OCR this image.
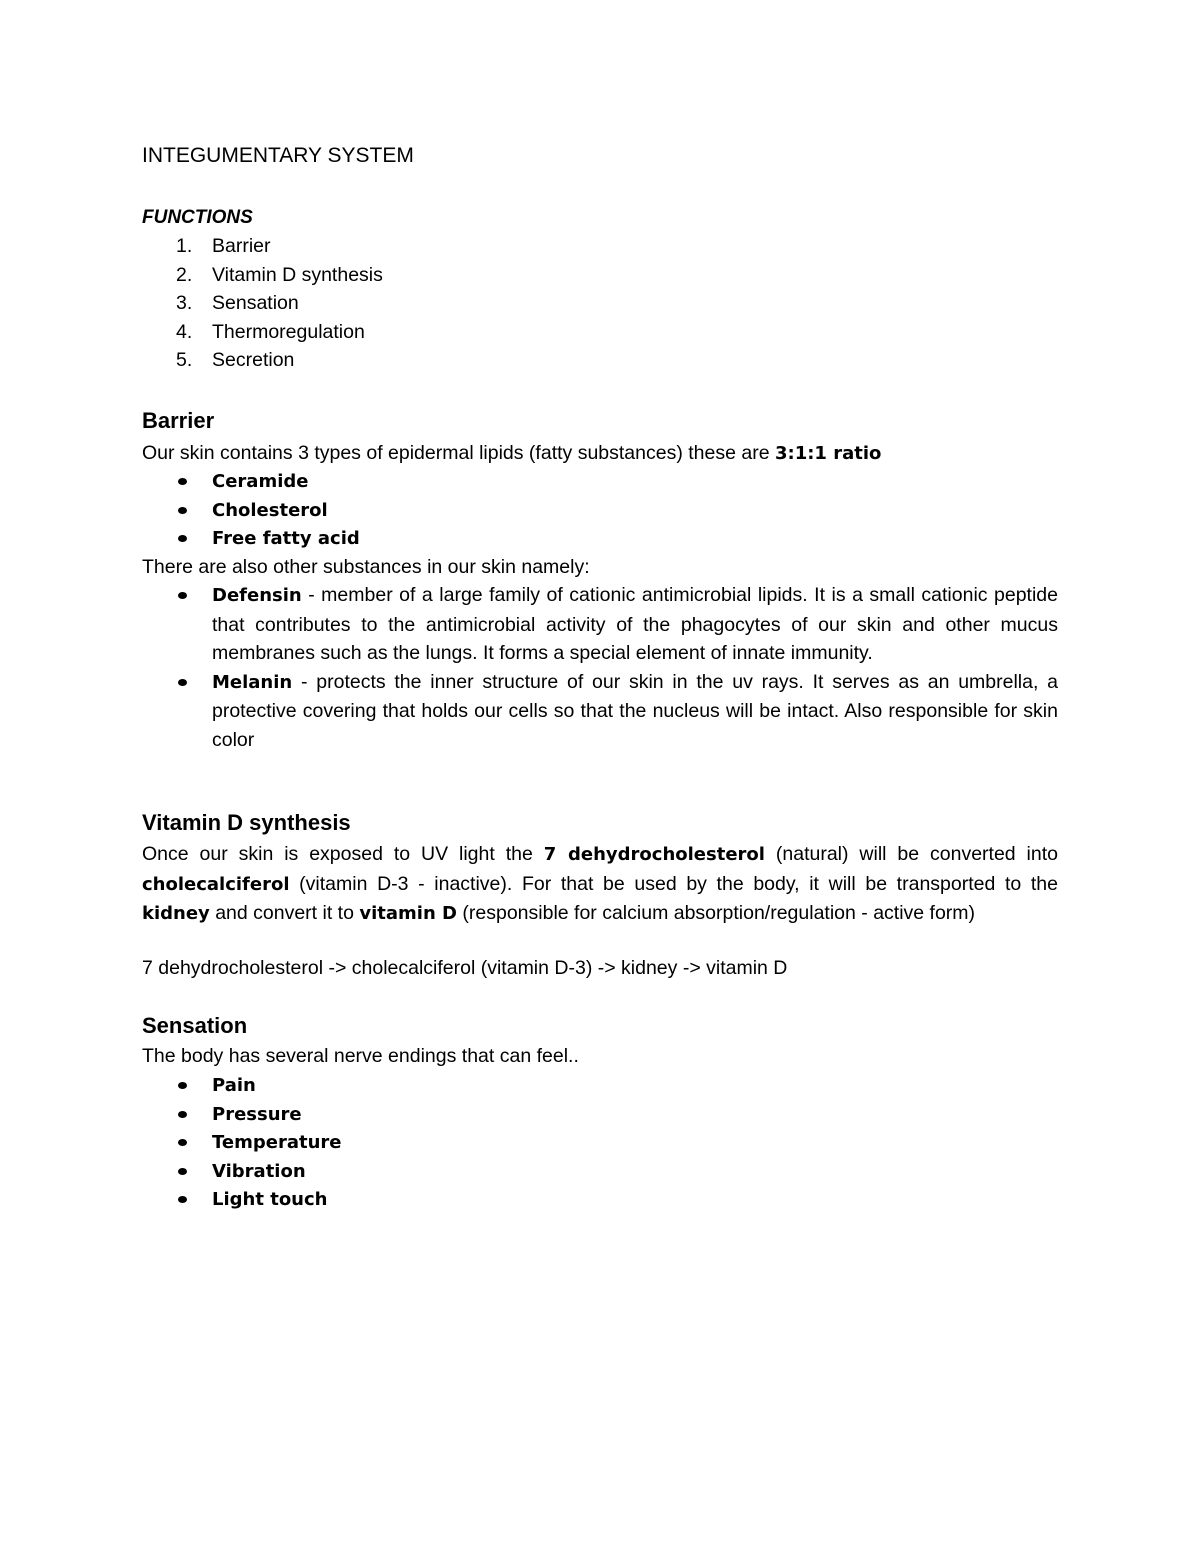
INTEGUMENTARY SYSTEM

FUNCTIONS

1. Barrier
2. Vitamin D synthesis
3. Sensation
4. Thermoregulation
5. Secretion
Barrier

Our skin contains 3 types of epidermal lipids (fatty substances) these are 3:1:1 ratio

Ceramide
Cholesterol
Free fatty acid

There are also other substances in our skin namely:

Defensin - member of a large family of cationic antimicrobial lipids. It is a small cationic peptide that contributes to the antimicrobial activity of the phagocytes of our skin and other mucus membranes such as the lungs. It forms a special element of innate immunity.
Melanin - protects the inner structure of our skin in the uv rays. It serves as an umbrella, a protective covering that holds our cells so that the nucleus will be intact. Also responsible for skin color
Vitamin D synthesis

Once our skin is exposed to UV light the 7 dehydrocholesterol (natural) will be converted into cholecalciferol (vitamin D-3 - inactive). For that be used by the body, it will be transported to the kidney and convert it to vitamin D (responsible for calcium absorption/regulation - active form)

7 dehydrocholesterol -> cholecalciferol (vitamin D-3) -> kidney -> vitamin D

Sensation

The body has several nerve endings that can feel..

Pain
Pressure
Temperature
Vibration
Light touch
